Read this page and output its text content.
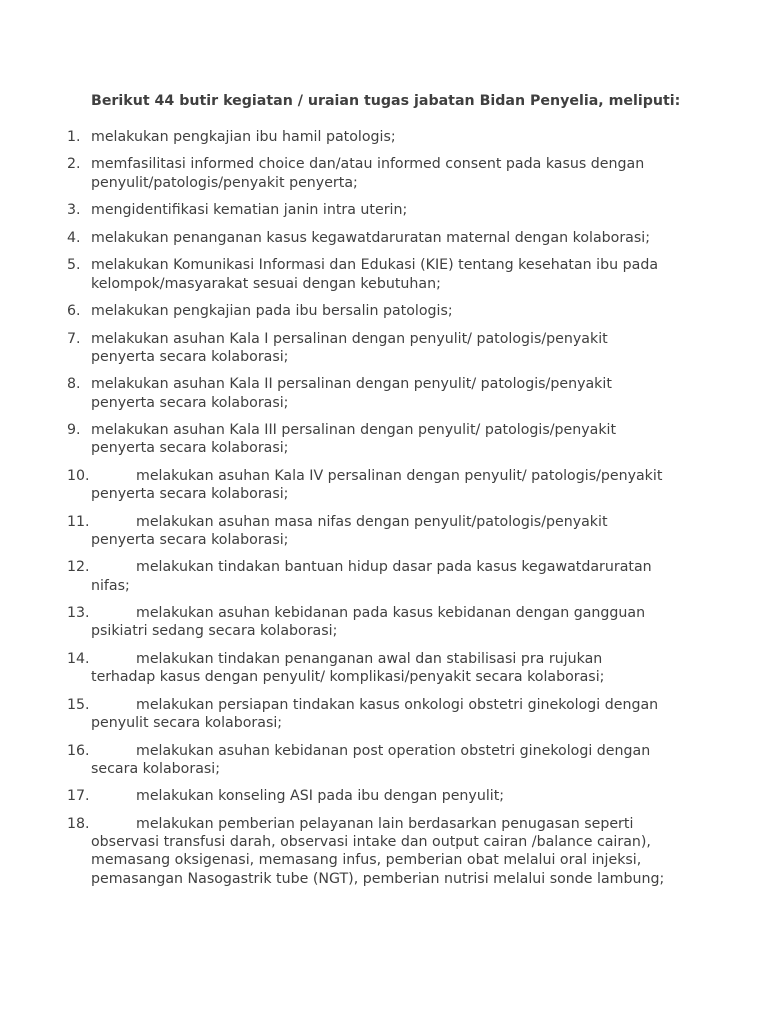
Berikut 44 butir kegiatan / uraian tugas jabatan Bidan Penyelia, meliputi:

1. melakukan pengkajian ibu hamil patologis;
2. memfasilitasi informed choice dan/atau informed consent pada kasus dengan penyulit/patologis/penyakit penyerta;
3. mengidentifikasi kematian janin intra uterin;
4. melakukan penanganan kasus kegawatdaruratan maternal dengan kolaborasi;
5. melakukan Komunikasi Informasi dan Edukasi (KIE) tentang kesehatan ibu pada kelompok/masyarakat sesuai dengan kebutuhan;
6. melakukan pengkajian pada ibu bersalin patologis;
7. melakukan asuhan Kala I persalinan dengan penyulit/ patologis/penyakit penyerta secara kolaborasi;
8. melakukan asuhan Kala II persalinan dengan penyulit/ patologis/penyakit penyerta secara kolaborasi;
9. melakukan asuhan Kala III persalinan dengan penyulit/ patologis/penyakit penyerta secara kolaborasi;
10.	melakukan asuhan Kala IV persalinan dengan penyulit/ patologis/penyakit penyerta secara kolaborasi;
11.	melakukan asuhan masa nifas dengan penyulit/patologis/penyakit penyerta secara kolaborasi;
12.	melakukan tindakan bantuan hidup dasar pada kasus kegawatdaruratan nifas;
13.	melakukan asuhan kebidanan pada kasus kebidanan dengan gangguan psikiatri sedang secara kolaborasi;
14.	melakukan tindakan penanganan awal dan stabilisasi pra rujukan terhadap kasus dengan penyulit/ komplikasi/penyakit secara kolaborasi;
15.	melakukan persiapan tindakan kasus onkologi obstetri ginekologi dengan penyulit secara kolaborasi;
16.	melakukan asuhan kebidanan post operation obstetri ginekologi dengan secara kolaborasi;
17.	melakukan konseling ASI pada ibu dengan penyulit;
18.	melakukan pemberian pelayanan lain berdasarkan penugasan seperti observasi transfusi darah, observasi intake dan output cairan /balance cairan), memasang oksigenasi, memasang infus, pemberian obat melalui oral injeksi, pemasangan Nasogastrik tube (NGT), pemberian nutrisi melalui sonde lambung;
